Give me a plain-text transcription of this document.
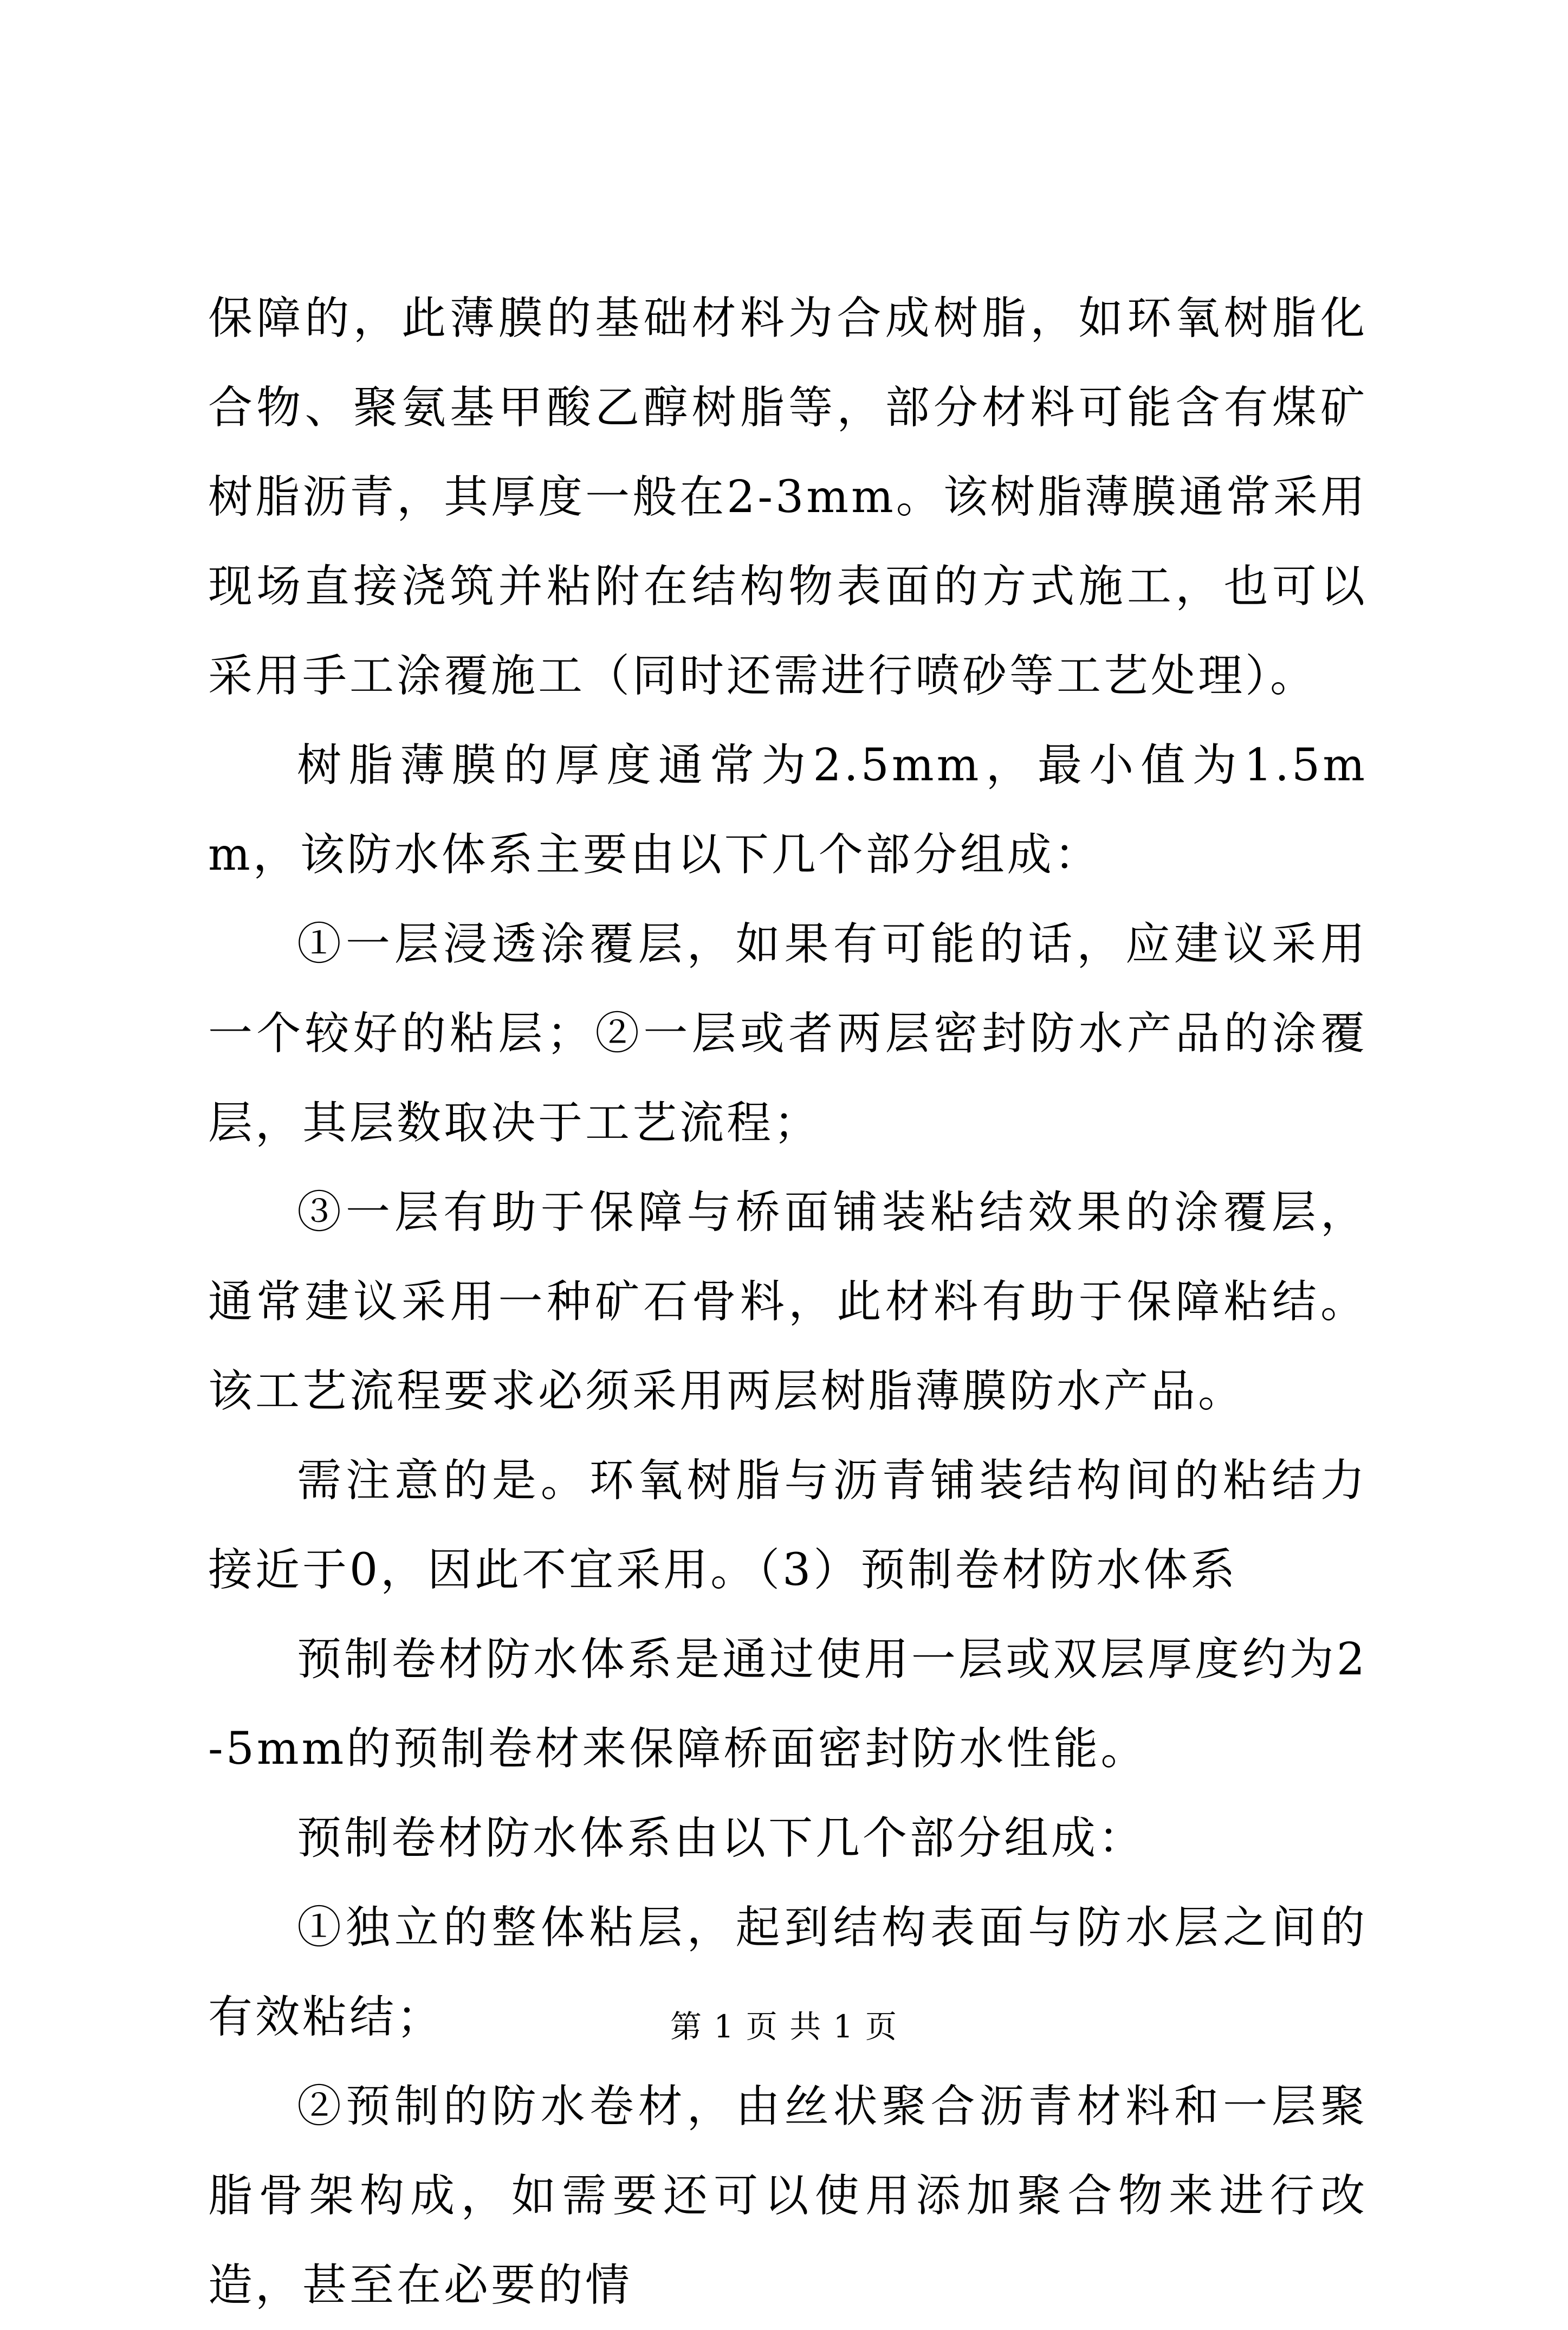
保障的，此薄膜的基础材料为合成树脂，如环氧树脂化合物、聚氨基甲酸乙醇树脂等，部分材料可能含有煤矿树脂沥青，其厚度一般在2-3mm。该树脂薄膜通常采用现场直接浇筑并粘附在结构物表面的方式施工，也可以采用手工涂覆施工（同时还需进行喷砂等工艺处理）。

树脂薄膜的厚度通常为2.5mm，最小值为1.5mm，该防水体系主要由以下几个部分组成：

①一层浸透涂覆层，如果有可能的话，应建议采用一个较好的粘层；②一层或者两层密封防水产品的涂覆层，其层数取决于工艺流程；

③一层有助于保障与桥面铺装粘结效果的涂覆层，通常建议采用一种矿石骨料，此材料有助于保障粘结。该工艺流程要求必须采用两层树脂薄膜防水产品。

需注意的是。环氧树脂与沥青铺装结构间的粘结力接近于0，因此不宜采用。（3）预制卷材防水体系

预制卷材防水体系是通过使用一层或双层厚度约为2-5mm的预制卷材来保障桥面密封防水性能。

预制卷材防水体系由以下几个部分组成：

①独立的整体粘层，起到结构表面与防水层之间的有效粘结；

②预制的防水卷材，由丝状聚合沥青材料和一层聚脂骨架构成，如需要还可以使用添加聚合物来进行改造，甚至在必要的情

第 1 页 共 1 页
